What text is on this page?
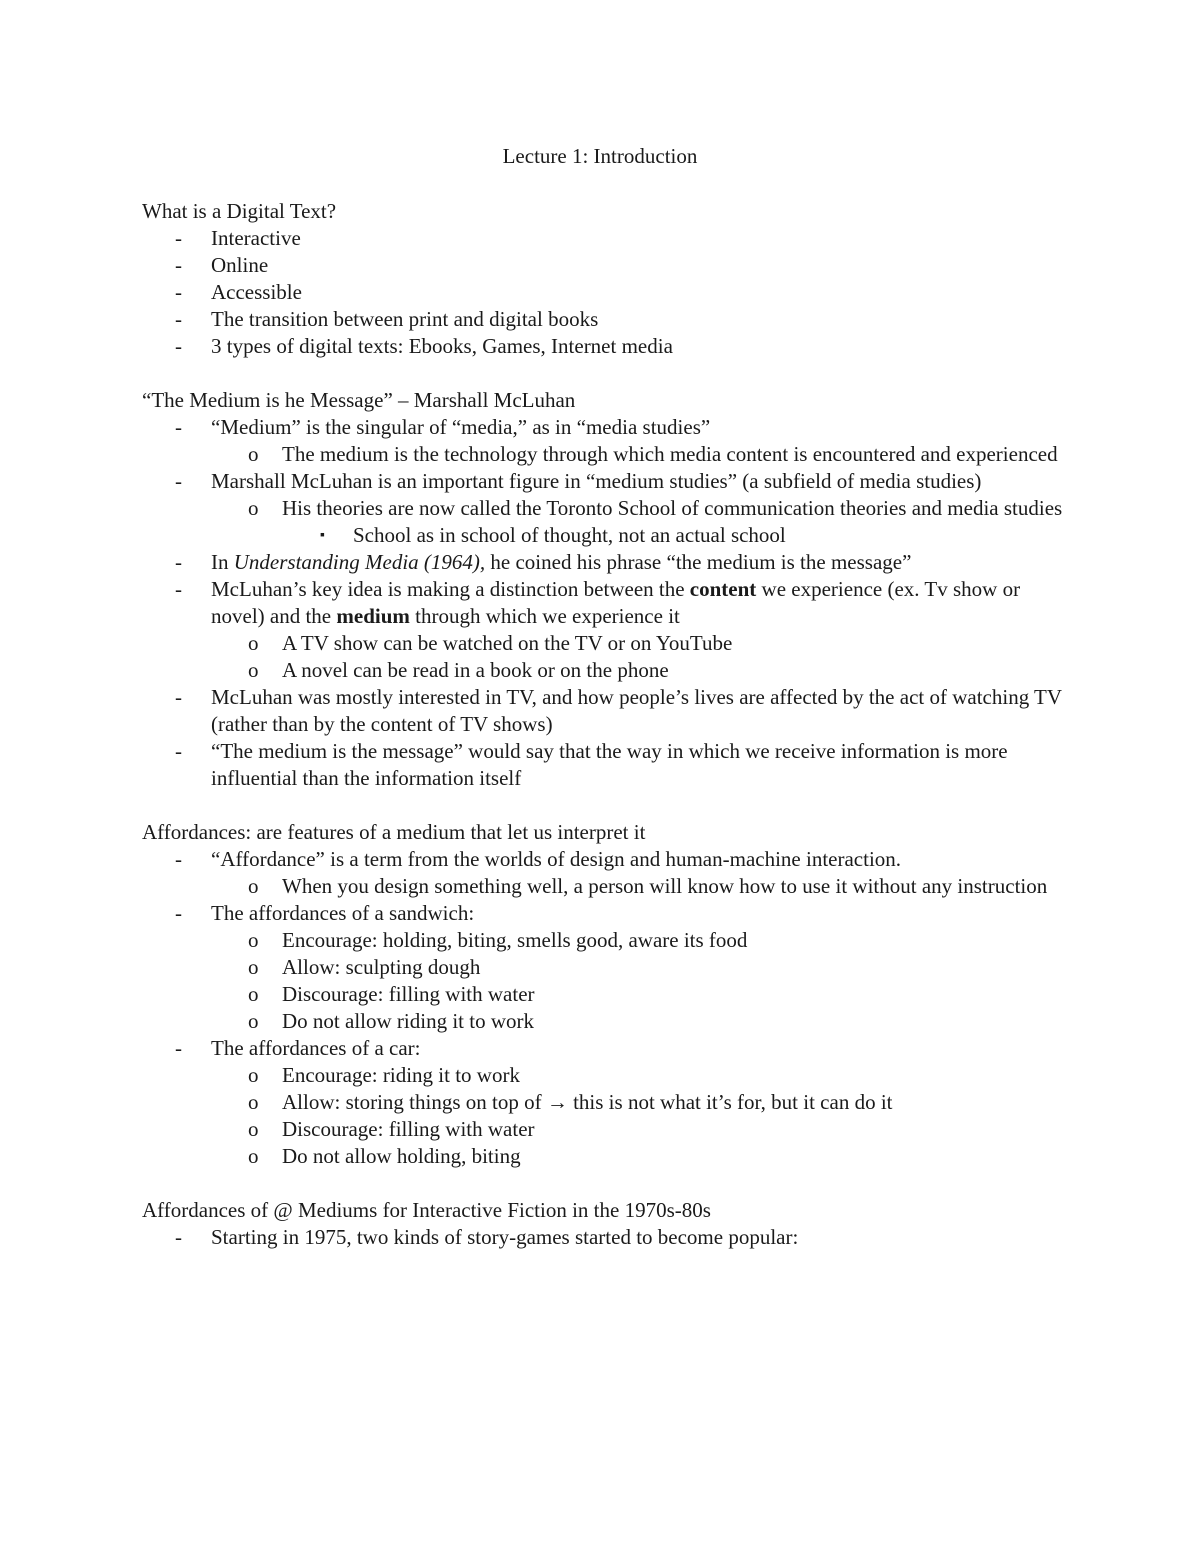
Lecture 1: Introduction
What is a Digital Text?
- Interactive
- Online
- Accessible
- The transition between print and digital books
- 3 types of digital texts: Ebooks, Games, Internet media
“The Medium is he Message” – Marshall McLuhan
- “Medium” is the singular of “media,” as in “media studies”
o The medium is the technology through which media content is encountered and experienced
- Marshall McLuhan is an important figure in “medium studies” (a subfield of media studies)
o His theories are now called the Toronto School of communication theories and media studies
▪ School as in school of thought, not an actual school
- In Understanding Media (1964), he coined his phrase “the medium is the message”
- McLuhan’s key idea is making a distinction between the content we experience (ex. Tv show or novel) and the medium through which we experience it
o A TV show can be watched on the TV or on YouTube
o A novel can be read in a book or on the phone
- McLuhan was mostly interested in TV, and how people’s lives are affected by the act of watching TV (rather than by the content of TV shows)
- “The medium is the message” would say that the way in which we receive information is more influential than the information itself
Affordances: are features of a medium that let us interpret it
- “Affordance” is a term from the worlds of design and human-machine interaction.
o When you design something well, a person will know how to use it without any instruction
- The affordances of a sandwich:
o Encourage: holding, biting, smells good, aware its food
o Allow: sculpting dough
o Discourage: filling with water
o Do not allow riding it to work
- The affordances of a car:
o Encourage: riding it to work
o Allow: storing things on top of → this is not what it’s for, but it can do it
o Discourage: filling with water
o Do not allow holding, biting
Affordances of @ Mediums for Interactive Fiction in the 1970s-80s
- Starting in 1975, two kinds of story-games started to become popular:
